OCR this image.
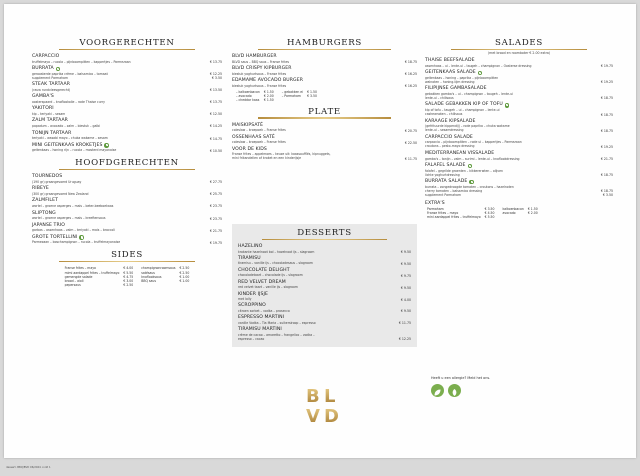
VOORGERECHTEN
CARPACCIO
truffelmayo – rucola – pijnboompitten – kappertjes – Parmezaan	€ 13.75
BURRATA
geroosterde paprika crème – balsamico – tomaat
supplement Parmaham
€ 12.25
€ 3.50
STEAK TARTAAR
(rauw rundvleesgerecht)	€ 13.50
GAMBA'S
oosterspaard – knoflookolie – rode Thaise curry	€ 13.75
YAKITORI
kip – teriyaki – sesam	€ 12.50
ZALM TARTAAR
papadum – avocado – zalm – biestuk – galbi	€ 14.25
TONIJN TARTAAR
teriyaki – wasabi mayo – chuka wakame – sesam	€ 14.75
MINI GEITENKAAS KROKETJES
geitenkaas – honing rijn – rucola – mosterd mayonaise	€ 10.50
HOOFDGERECHTEN
TOURNEDOS
(190 gr) graangevoerd Uruguay	€ 27.75
RIBEYE
(300 gr) graangevoerd New Zealand	€ 25.75
ZALMFILET
wortel – groene asperges – mais – beter-beeboekaas	€ 23.75
SLIPTONG
wortel – groene asperges – mais – kreeftensaus	€ 23.75
JAPANSE TRIO
garbas – ossenhaas – zalm – teriyaki – mais – broccoli	€ 21.75
GROTE TORTELLINI
Parmezaan – boschampignon – rucola – truffelmayonaise	€ 19.75
SIDES
Franse frites – mayo	€ 4.00	champignonroomsaus	€ 2.50
mimi aardappel frites – truffelmayo	€ 5.50	satésaus	€ 2.50
gemengde salade	€ 4.75	knoflooksaus	€ 1.00
brood – aioli	€ 3.00	BBQ saus	€ 1.00
pepersaus	€ 2.50		
HAMBURGERS
BLVD HAMBURGER
BLVD saus – BBQ saus – Franse frites	€ 18.75
BLVD CRISPY KIPBURGER
biestuk yoghurtsaus – Franse frites	€ 16.25
EDAMAME AVOCADO BURGER
biestuk yoghurtsaus – Franse frites	€ 16.25
– kalkoenbacon	€ 1.50	– gebakken ei	€ 1.50
– avocado	€ 2.00	– Parmaham	€ 3.50
– cheddar kaas	€ 1.50		
PLATE
MAISKIPSATÉ
coleslaw – kroepoek – Franse frites	€ 20.75
OSSENHAAS SATÉ
coleslaw – kroepoek – Franse frites	€ 22.50
VOOR DE KIDS
Franse frites – appelmoes – keuze uit: kaassoufflés, kipnuggets,
mini frikandellen of kroket en een kinderijsje	€ 11.75
DESSERTS
HAZELINO
krokante hazelnoot bol – hazelnoot ijs – slagroom	€ 9.50
TIRAMISU
tiramisu – vanille ijs – chocoladesaus – slagroom	€ 9.50
CHOCOLATE DELIGHT
chocoladetaart – chocolade ijs – slagroom	€ 9.75
RED VELVET DREAM
red velvet taart – vanille ijs – slagroom	€ 9.50
KINDER IJSJE
met lolly	€ 4.00
SCROPPINO
citroen sorbet – vodka – prosecco	€ 9.50
ESPRESSO MARTINI
vanille Vodka – Tia Maria – suikersiroop – espresso	€ 11.75
TIRAMISU MARTINI
crème de cacao – amaretto – frangelico – vodka –
espresso – cacao	€ 12.25
B L
V D
SALADES
(met brood en roomboter € 2.00 extra)
THAISE BEEFSALADE
ossenhaas – ui – lente-ui – taugeh – champignon – Oosterse dressing	€ 19.75
GEITENKAAS SALADE
geitenkaas – honing – paprika – pijnboompitten
walnoten – honing-tijm dressing	€ 19.25
FILIPIJNSE GAMBASALADE
gebakken gamba's – ui – champignon – taugeh – lente-ui
lente-ui – chilisaus	€ 18.75
SALADE GEBAKKEN KIP OF TOFU
kip of tofu – taugeh – ui – champignon – lente-ui
cashewnoten – chilisaus	€ 18.75
KARAAGE KIPSALADE
(gefrituurde kippendij) – rode paprika – chuka wakame
lente-ui – sesamdressing	€ 18.75
CARPACCIO SALADE
carpaccio – pijnboompitten – rode ui – kappertjes – Parmezaan
croutons – pesto-mayo dressing	€ 19.25
MEDITERRANEAN VISSALADE
gamba's – tonijn – zalm – surimi – lente-ui – knoflookdressing	€ 21.75
FALAFEL SALADE
falafel – gegrilde groenten – kikkererwten – olijven
lichte yoghurtdressing	€ 18.75
BURRATA SALADE
burrata – zongedroogde tomaten – croutons – hazelnoten
cherry tomaten – balsamico dressing
supplement Parmaham
€ 18.75
€ 3.50
EXTRA'S
Parmaham	€ 3.50	kalkoenbacon	€ 1.50
Franse frites – mayo	€ 4.50	avocado	€ 2.00
mini aardappel frites – truffelmayo	€ 5.50		
Heeft u een allergie? Meld het ons.
dessert. BBQ/BVD 06/2024 .indd 1
